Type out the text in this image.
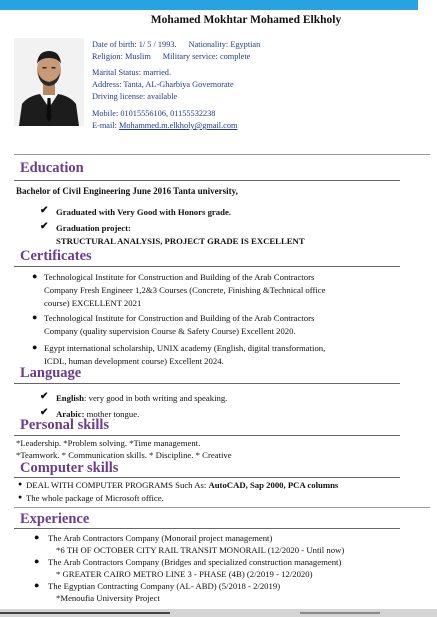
Mohamed Mokhtar Mohamed Elkholy
Date of birth: 1/ 5 / 1993. Nationality: Egyptian
Religion: Muslim Military service: complete
Marital Status: married.
Address: Tanta, AL-Gharbiya Governorate
Driving license: available
Mobile: 01015556106, 01155532238
E-mail: Mohammed.m.elkholy@gmail.com
Education
Bachelor of Civil Engineering June 2016 Tanta university,
✔ Graduated with Very Good with Honors grade.
✔ Graduation project:
STRUCTURAL ANALYSIS, PROJECT GRADE IS EXCELLENT
Certificates
● Technological Institute for Construction and Building of the Arab Contractors
Company Fresh Engineer 1,2&3 Courses (Concrete, Finishing &Technical office
course) EXCELLENT 2021
● Technological Institute for Construction and Building of the Arab Contractors
Company (quality supervision Course & Safety Course) Excellent 2020.
● Egypt international scholarship, UNIX academy (English, digital transformation,
ICDL, human development course) Excellent 2024.
Language
✔ English: very good in both writing and speaking.
✔ Arabic: mother tongue.
Personal skills
*Leadership. *Problem solving. *Time management.
*Teamwork. * Communication skills. * Discipline. * Creative
Computer skills
● DEAL WITH COMPUTER PROGRAMS Such As: AutoCAD, Sap 2000, PCA columns
● The whole package of Microsoft office.
Experience
● The Arab Contractors Company (Monorail project management)
*6 TH OF OCTOBER CITY RAIL TRANSIT MONORAIL (12/2020 - Until now)
● The Arab Contractors Company (Bridges and specialized construction management)
* GREATER CAIRO METRO LINE 3 - PHASE (4B) (2/2019 - 12/2020)
● The Egyptian Contracting Company (AL- ABD) (5/2018 - 2/2019)
*Menoufia University Project
